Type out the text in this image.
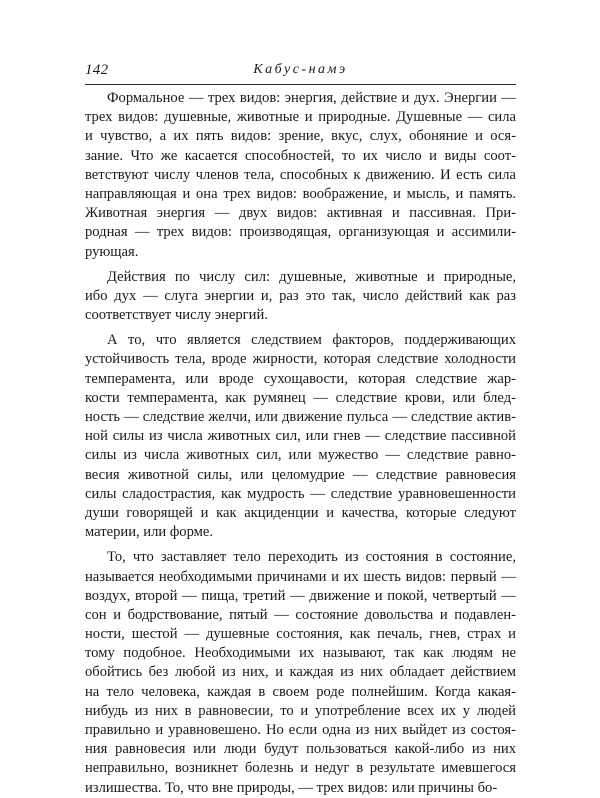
142	Кабус-намэ
Формальное — трех видов: энергия, действие и дух. Энергии —
трех видов: душевные, животные и природные. Душевные — сила
и чувство, а их пять видов: зрение, вкус, слух, обоняние и ося-
зание. Что же касается способностей, то их число и виды соот-
ветствуют числу членов тела, способных к движению. И есть сила
направляющая и она трех видов: воображение, и мысль, и память.
Животная энергия — двух видов: активная и пассивная. При-
родная — трех видов: производящая, организующая и ассимили-
рующая.
Действия по числу сил: душевные, животные и природные,
ибо дух — слуга энергии и, раз это так, число действий как раз
соответствует числу энергий.
А то, что является следствием факторов, поддерживающих
устойчивость тела, вроде жирности, которая следствие холодности
темперамента, или вроде сухощавости, которая следствие жар-
кости темперамента, как румянец — следствие крови, или блед-
ность — следствие желчи, или движение пульса — следствие актив-
ной силы из числа животных сил, или гнев — следствие пассивной
силы из числа животных сил, или мужество — следствие равно-
весия животной силы, или целомудрие — следствие равновесия
силы сладострастия, как мудрость — следствие уравновешенности
души говорящей и как акциденции и качества, которые следуют
материи, или форме.
То, что заставляет тело переходить из состояния в состояние,
называется необходимыми причинами и их шесть видов: первый —
воздух, второй — пища, третий — движение и покой, четвертый —
сон и бодрствование, пятый — состояние довольства и подавлен-
ности, шестой — душевные состояния, как печаль, гнев, страх и
тому подобное. Необходимыми их называют, так как людям не
обойтись без любой из них, и каждая из них обладает действием
на тело человека, каждая в своем роде полнейшим. Когда какая-
нибудь из них в равновесии, то и употребление всех их у людей
правильно и уравновешено. Но если одна из них выйдет из состоя-
ния равновесия или люди будут пользоваться какой-либо из них
неправильно, возникнет болезнь и недуг в результате имевшегося
излишества. То, что вне природы, — трех видов: или причины бо-
